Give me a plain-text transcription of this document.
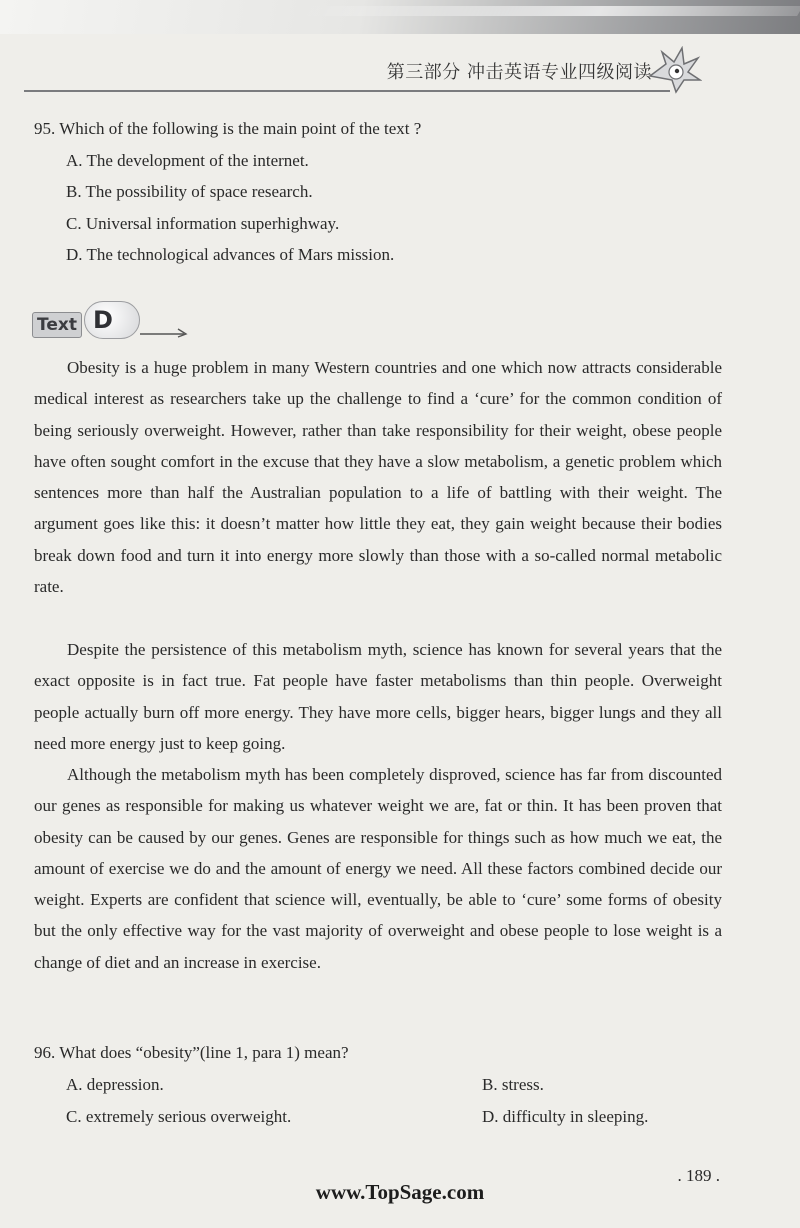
第三部分 冲击英语专业四级阅读
95. Which of the following is the main point of the text ?
A. The development of the internet.
B. The possibility of space research.
C. Universal information superhighway.
D. The technological advances of Mars mission.
D
Text

Obesity is a huge problem in many Western countries and one which now attracts considerable medical interest as researchers take up the challenge to find a ‘cure’ for the common condition of being seriously overweight. However, rather than take responsibility for their weight, obese people have often sought comfort in the excuse that they have a slow metabolism, a genetic problem which sentences more than half the Australian population to a life of battling with their weight. The argument goes like this: it doesn’t matter how little they eat, they gain weight because their bodies break down food and turn it into energy more slowly than those with a so-called normal metabolic rate.

Despite the persistence of this metabolism myth, science has known for several years that the exact opposite is in fact true. Fat people have faster metabolisms than thin people. Overweight people actually burn off more energy. They have more cells, bigger hears, bigger lungs and they all need more energy just to keep going.

Although the metabolism myth has been completely disproved, science has far from discounted our genes as responsible for making us whatever weight we are, fat or thin. It has been proven that obesity can be caused by our genes. Genes are responsible for things such as how much we eat, the amount of exercise we do and the amount of energy we need. All these factors combined decide our weight. Experts are confident that science will, eventually, be able to ‘cure’ some forms of obesity but the only effective way for the vast majority of overweight and obese people to lose weight is a change of diet and an increase in exercise.

96. What does “obesity”(line 1, para 1) mean?
A. depression.	B. stress.
C. extremely serious overweight.	D. difficulty in sleeping.
. 189 .
www.TopSage.com
